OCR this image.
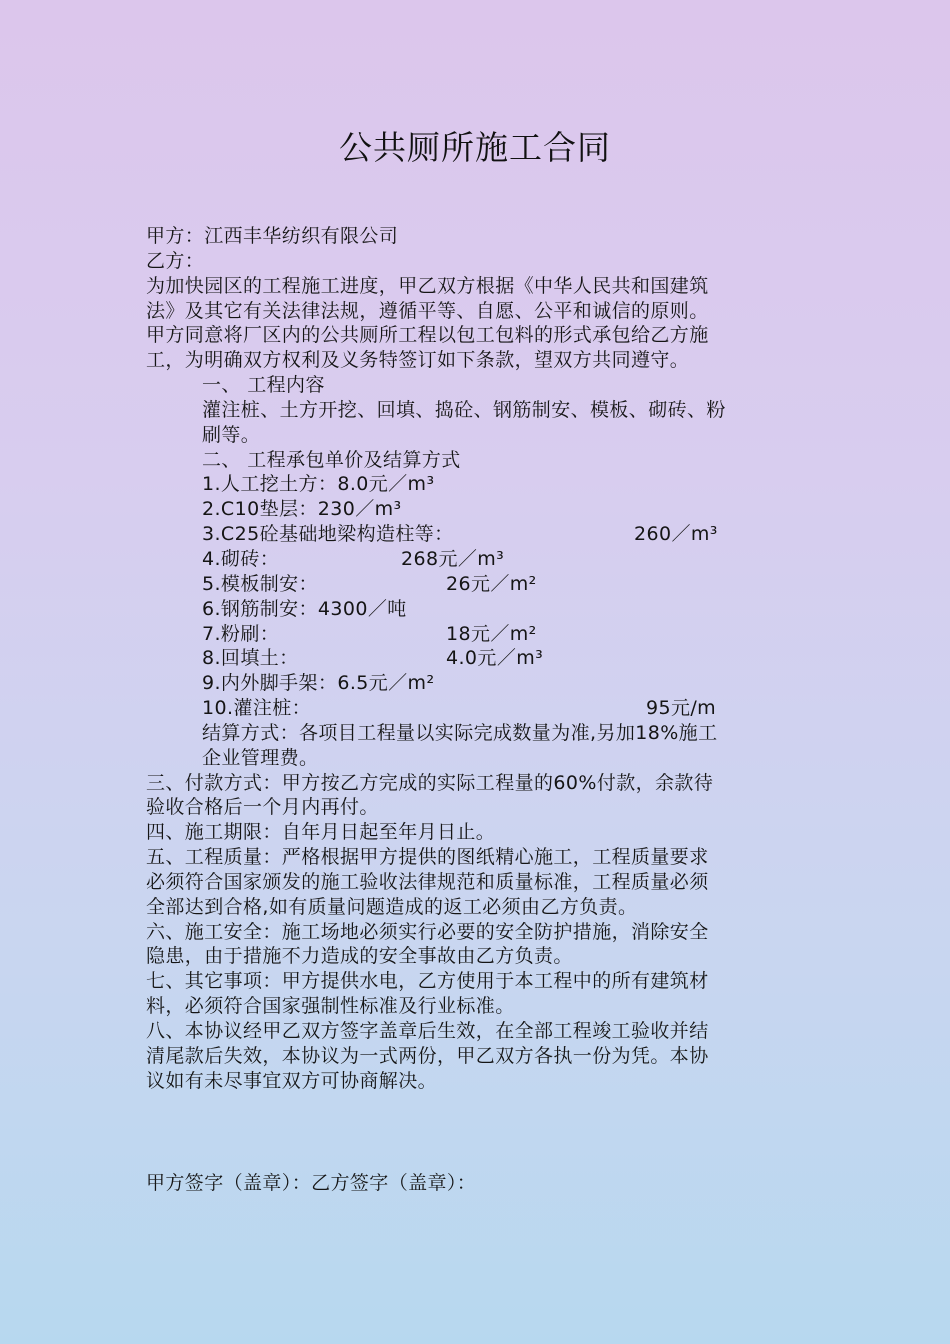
公共厕所施工合同
甲方：江西丰华纺织有限公司
乙方：
为加快园区的工程施工进度，甲乙双方根据《中华人民共和国建筑
法》及其它有关法律法规，遵循平等、自愿、公平和诚信的原则。
甲方同意将厂区内的公共厕所工程以包工包料的形式承包给乙方施
工，为明确双方权利及义务特签订如下条款，望双方共同遵守。
一、 工程内容
灌注桩、土方开挖、回填、捣砼、钢筋制安、模板、砌砖、粉
刷等。
二、 工程承包单价及结算方式
1.人工挖土方：8.0元／m³
2.C10垫层：230／m³
3.C25砼基础地梁构造柱等：	260／m³
4.砌砖：	268元／m³
5.模板制安：	26元／m²
6.钢筋制安：4300／吨
7.粉刷：	18元／m²
8.回填土：	4.0元／m³
9.内外脚手架：6.5元／m²
10.灌注桩：	95元/m
结算方式：各项目工程量以实际完成数量为准,另加18%施工
企业管理费。
三、付款方式：甲方按乙方完成的实际工程量的60%付款，余款待
验收合格后一个月内再付。
四、施工期限：自年月日起至年月日止。
五、工程质量：严格根据甲方提供的图纸精心施工，工程质量要求
必须符合国家颁发的施工验收法律规范和质量标准，工程质量必须
全部达到合格,如有质量问题造成的返工必须由乙方负责。
六、施工安全：施工场地必须实行必要的安全防护措施，消除安全
隐患，由于措施不力造成的安全事故由乙方负责。
七、其它事项：甲方提供水电，乙方使用于本工程中的所有建筑材
料，必须符合国家强制性标准及行业标准。
八、本协议经甲乙双方签字盖章后生效，在全部工程竣工验收并结
清尾款后失效，本协议为一式两份，甲乙双方各执一份为凭。本协
议如有未尽事宜双方可协商解决。
甲方签字（盖章）：乙方签字（盖章）：
